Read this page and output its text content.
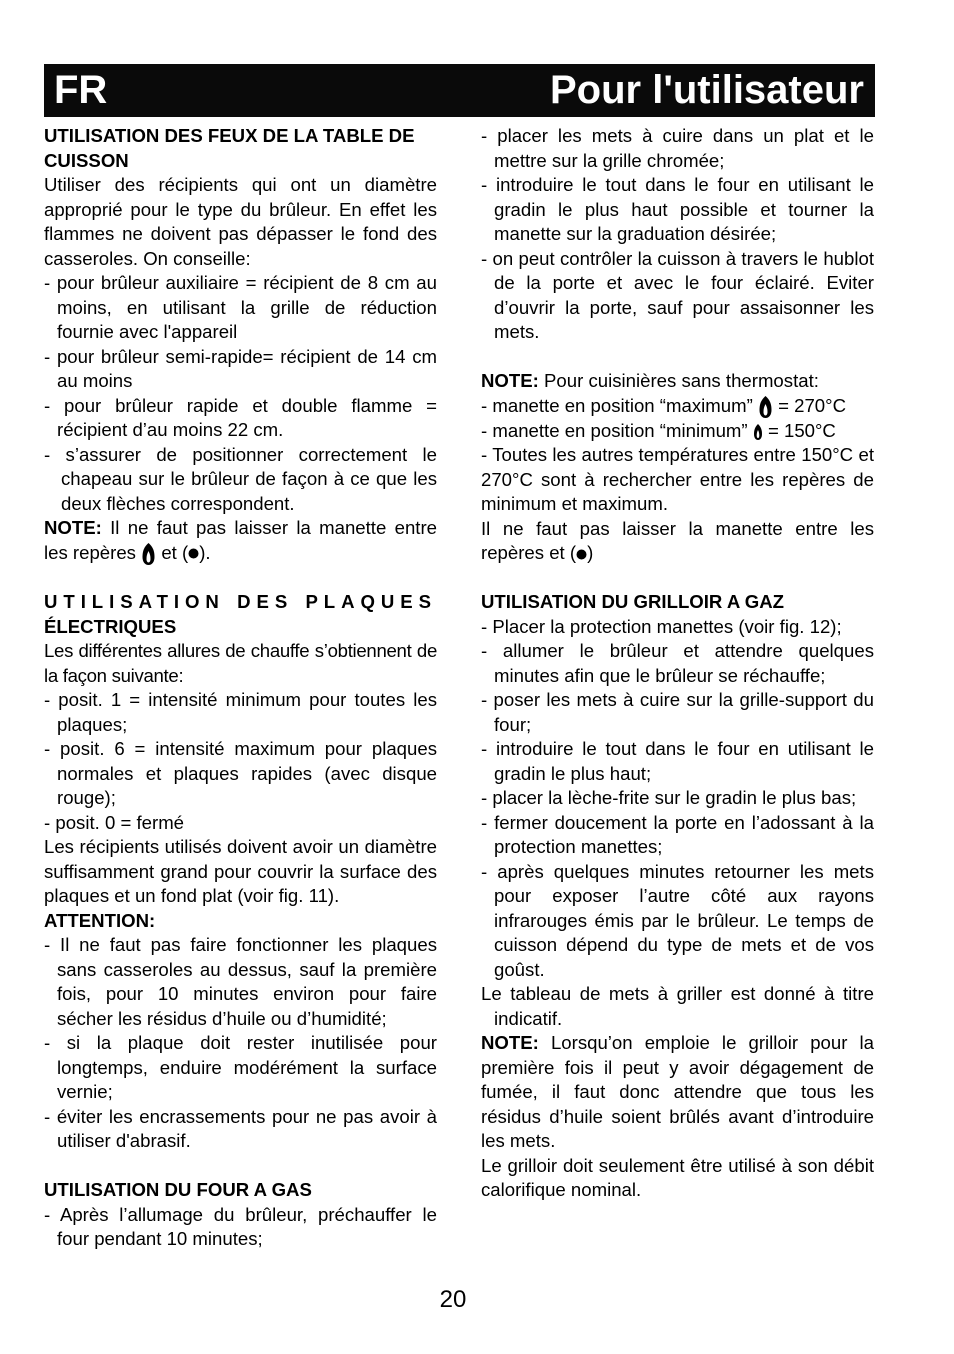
FR	Pour l'utilisateur

UTILISATION DES FEUX DE LA TABLE DE CUISSON

Utiliser des récipients qui ont un diamètre approprié pour le type du brûleur. En effet les flammes ne doivent pas dépasser le fond des casseroles. On conseille:

- pour brûleur auxiliaire = récipient de 8 cm au moins, en utilisant la grille de réduction fournie avec l'appareil

- pour brûleur semi-rapide= récipient de 14 cm au moins

- pour brûleur rapide et double flamme = récipient d’au moins 22 cm.

- s’assurer de positionner correctement le chapeau sur le brûleur de façon à ce que les deux flèches correspondent.

NOTE: Il ne faut pas laisser la manette entre les repères
et ( ).

UTILISATION DES PLAQUES

ÉLECTRIQUES

Les différentes allures de chauffe s’obtiennent de la façon suivante:

- posit. 1 = intensité minimum pour toutes les plaques;

- posit. 6 = intensité maximum pour plaques normales et plaques rapides (avec disque rouge);

- posit. 0 = fermé

Les récipients utilisés doivent avoir un diamètre suffisamment grand pour couvrir la surface des plaques et un fond plat (voir fig. 11).

ATTENTION:

- Il ne faut pas faire fonctionner les plaques sans casseroles au dessus, sauf la première fois, pour 10 minutes environ pour faire sécher les résidus d’huile ou d’humidité;

- si la plaque doit rester inutilisée pour longtemps, enduire modérément la surface vernie;

- éviter les encrassements pour ne pas avoir à utiliser d'abrasif.

UTILISATION DU FOUR A GAS

- Après l’allumage du brûleur, préchauffer le four pendant 10 minutes;

- placer les mets à cuire dans un plat et le mettre sur la grille chromée;

- introduire le tout dans le four en utilisant le gradin le plus haut possible et tourner la manette sur la graduation désirée;

- on peut contrôler la cuisson à travers le hublot de la porte et avec le four éclairé. Eviter d’ouvrir la porte, sauf pour assaisonner les mets.

NOTE: Pour cuisinières sans thermostat:

- manette en position “maximum”
= 270°C

- manette en position “minimum”
= 150°C

- Toutes les autres températures entre 150°C et 270°C sont à rechercher entre les repères de minimum et maximum.

Il ne faut pas laisser la manette entre les repères et ( )

UTILISATION DU GRILLOIR A GAZ

- Placer la protection manettes (voir fig. 12);

- allumer le brûleur et attendre quelques minutes afin que le brûleur se réchauffe;

- poser les mets à cuire sur la grille-support du four;

- introduire le tout dans le four en utilisant le gradin le plus haut;

- placer la lèche-frite sur le gradin le plus bas;

- fermer doucement la porte en l’adossant à la protection manettes;

- après quelques minutes retourner les mets pour exposer l’autre côté aux rayons infrarouges émis par le brûleur. Le temps de cuisson dépend du type de mets et de vos goûst.

Le tableau de mets à griller est donné à titre indicatif.

NOTE: Lorsqu’on emploie le grilloir pour la première fois il peut y avoir dégagement de fumée, il faut donc attendre que tous les résidus d’huile soient brûlés avant d’introduire les mets.

Le grilloir doit seulement être utilisé à son débit calorifique nominal.

20
